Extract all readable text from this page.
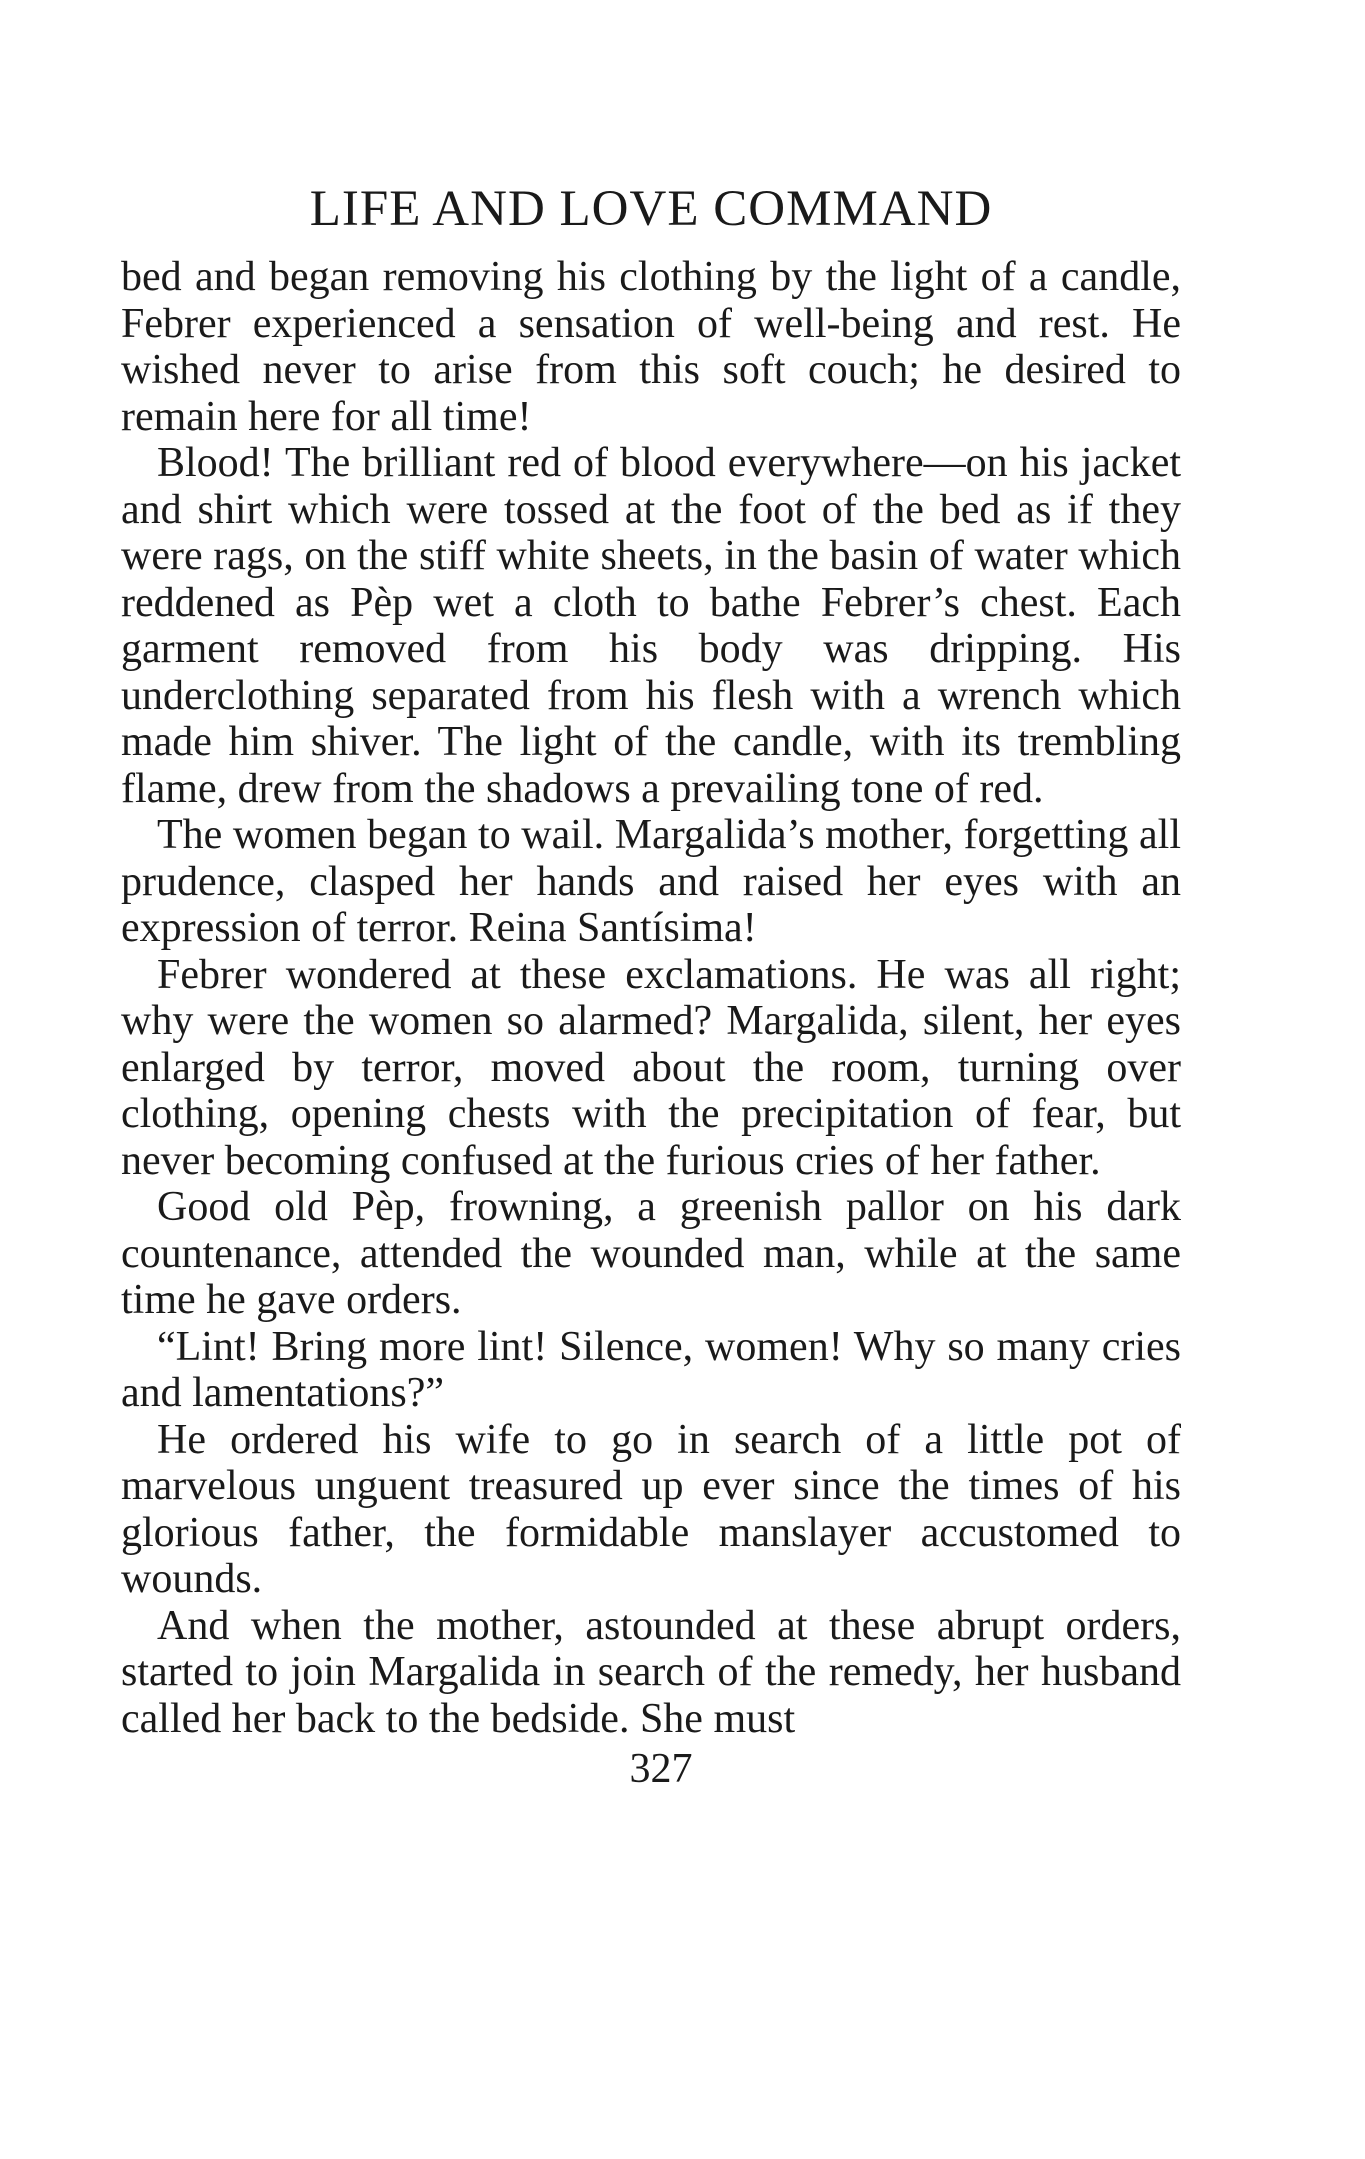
LIFE AND LOVE COMMAND

bed and began removing his clothing by the light of a candle, Febrer experienced a sensation of well-being and rest. He wished never to arise from this soft couch; he desired to remain here for all time!

Blood! The brilliant red of blood everywhere—on his jacket and shirt which were tossed at the foot of the bed as if they were rags, on the stiff white sheets, in the basin of water which reddened as Pèp wet a cloth to bathe Febrer’s chest. Each garment removed from his body was dripping. His underclothing separated from his flesh with a wrench which made him shiver. The light of the candle, with its trembling flame, drew from the shadows a prevailing tone of red.

The women began to wail. Margalida’s mother, forgetting all prudence, clasped her hands and raised her eyes with an expression of terror. Reina Santísima!

Febrer wondered at these exclamations. He was all right; why were the women so alarmed? Margalida, silent, her eyes enlarged by terror, moved about the room, turning over clothing, opening chests with the precipitation of fear, but never becoming confused at the furious cries of her father.

Good old Pèp, frowning, a greenish pallor on his dark countenance, attended the wounded man, while at the same time he gave orders.

“Lint! Bring more lint! Silence, women! Why so many cries and lamentations?”

He ordered his wife to go in search of a little pot of marvelous unguent treasured up ever since the times of his glorious father, the formidable manslayer accustomed to wounds.

And when the mother, astounded at these abrupt orders, started to join Margalida in search of the remedy, her husband called her back to the bedside. She must

327
